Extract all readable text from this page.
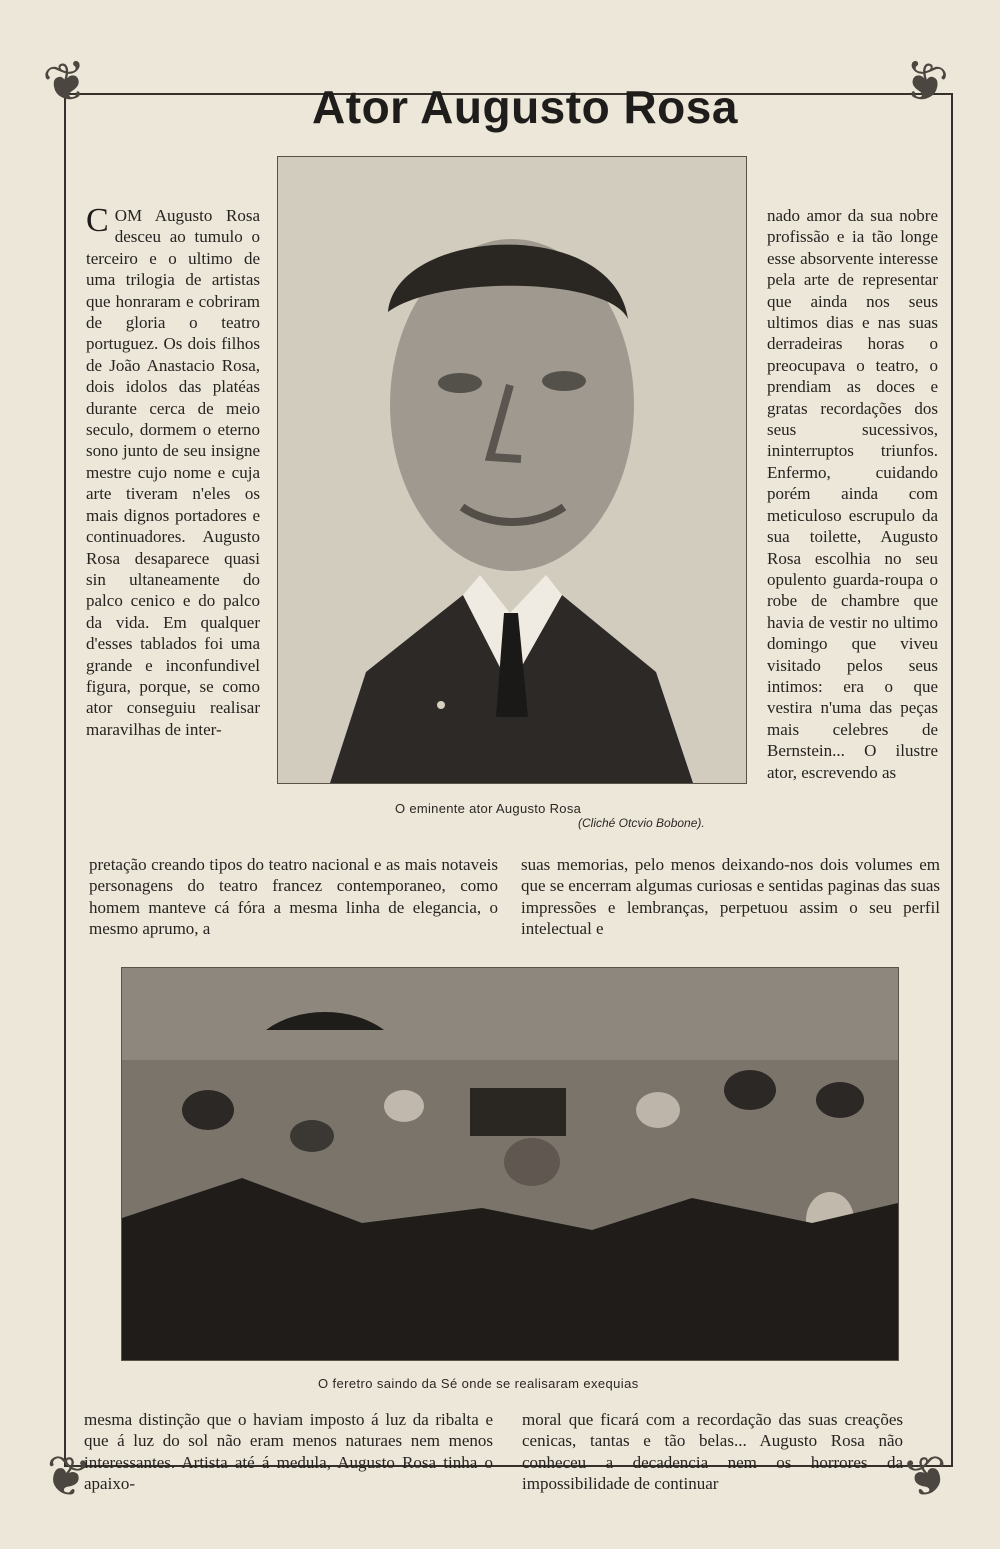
❦	❦
❦	❦
Ator Augusto Rosa
C OM Augusto Rosa desceu ao tumulo o terceiro e o ultimo de uma trilogia de artistas que honraram e cobriram de gloria o teatro portuguez. Os dois filhos de João Anastacio Rosa, dois idolos das platéas durante cerca de meio seculo, dormem o eterno sono junto de seu insigne mestre cujo nome e cuja arte tiveram n'eles os mais dignos portadores e continuadores. Augusto Rosa desaparece quasi sin ultaneamente do palco cenico e do palco da vida. Em qualquer d'esses tablados foi uma grande e inconfundivel figura, porque, se como ator conseguiu realisar maravilhas de inter-
nado amor da sua nobre profissão e ia tão longe esse absorvente interesse pela arte de representar que ainda nos seus ultimos dias e nas suas derradeiras horas o preocupava o teatro, o prendiam as doces e gratas recordações dos seus sucessivos, ininterruptos triunfos. Enfermo, cuidando porém ainda com meticuloso escrupulo da sua toilette, Augusto Rosa escolhia no seu opulento guarda-roupa o robe de chambre que havia de vestir no ultimo domingo que viveu visitado pelos seus intimos: era o que vestira n'uma das peças mais celebres de Bernstein... O ilustre ator, escrevendo as
O eminente ator Augusto Rosa
(Cliché Otcvio Bobone).
pretação creando tipos do teatro nacional e as mais notaveis personagens do teatro francez contemporaneo, como homem manteve cá fóra a mesma linha de elegancia, o mesmo aprumo, a
suas memorias, pelo menos deixando-nos dois volumes em que se encerram algumas curiosas e sentidas paginas das suas impressões e lembranças, perpetuou assim o seu perfil intelectual e
O feretro saindo da Sé onde se realisaram exequias
mesma distinção que o haviam imposto á luz da ribalta e que á luz do sol não eram menos naturaes nem menos interessantes. Artista até á medula, Augusto Rosa tinha o apaixo-
moral que ficará com a recordação das suas creações cenicas, tantas e tão belas... Augusto Rosa não conheceu a decadencia nem os horrores da impossibilidade de continuar
